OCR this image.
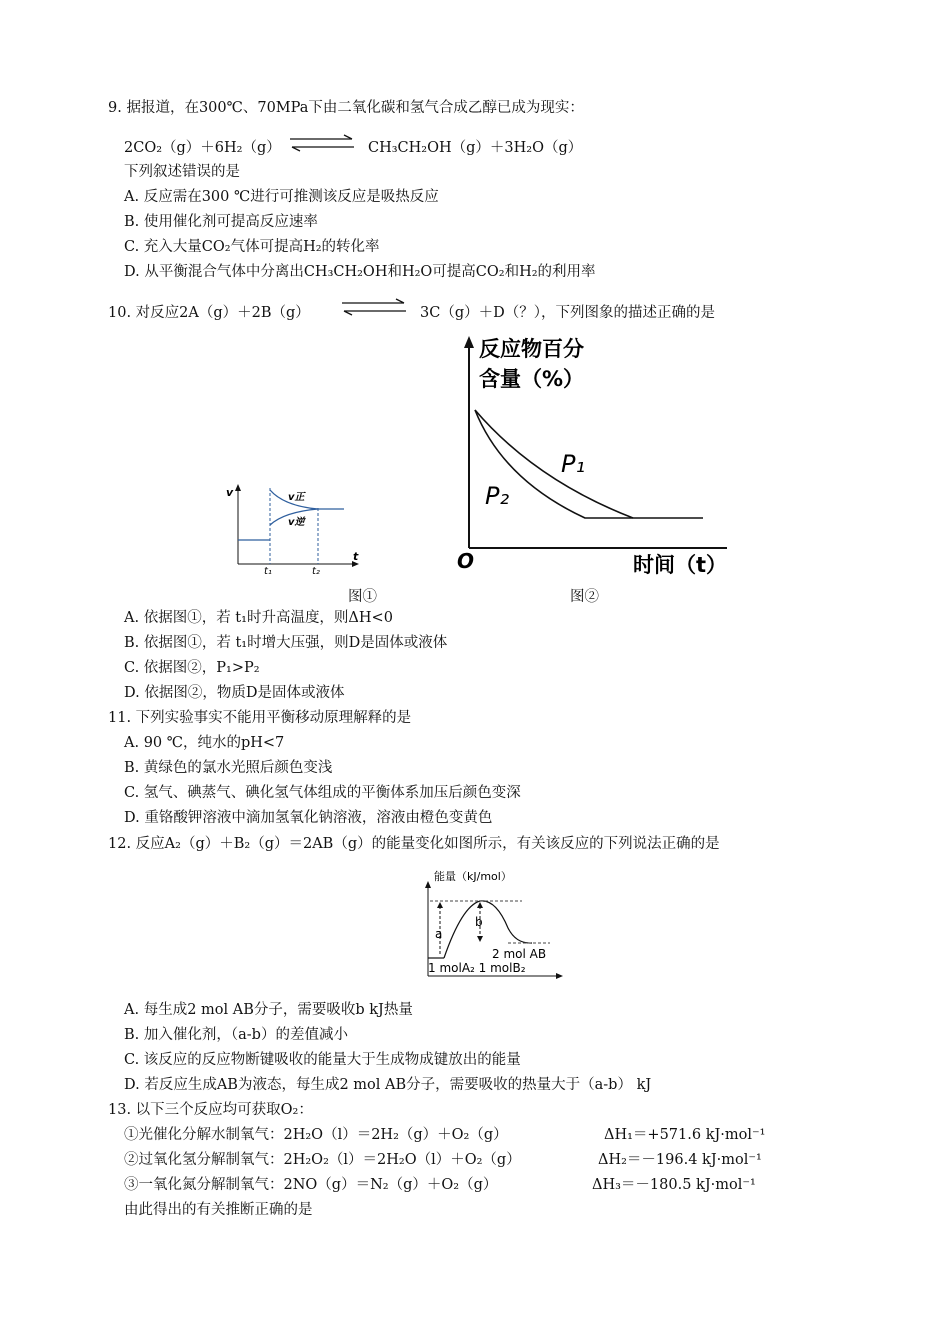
9. 据报道，在300℃、70MPa下由二氧化碳和氢气合成乙醇已成为现实：
2CO₂（g）＋6H₂（g）	CH₃CH₂OH（g）＋3H₂O（g）
下列叙述错误的是
A. 反应需在300 ℃进行可推测该反应是吸热反应
B. 使用催化剂可提高反应速率
C. 充入大量CO₂气体可提高H₂的转化率
D. 从平衡混合气体中分离出CH₃CH₂OH和H₂O可提高CO₂和H₂的利用率
10. 对反应2A（g）＋2B（g）	3C（g）＋D（？），下列图象的描述正确的是
v
t
v正
v逆
t₁	t₂
反应物百分
含量（%）
P₁
P₂
O	时间（t）
图①	图②
A. 依据图①，若 t₁时升高温度，则ΔH<0
B. 依据图①，若 t₁时增大压强，则D是固体或液体
C. 依据图②，P₁>P₂
D. 依据图②，物质D是固体或液体
11. 下列实验事实不能用平衡移动原理解释的是
A. 90 ℃，纯水的pH<7
B. 黄绿色的氯水光照后颜色变浅
C. 氢气、碘蒸气、碘化氢气体组成的平衡体系加压后颜色变深
D. 重铬酸钾溶液中滴加氢氧化钠溶液，溶液由橙色变黄色
12. 反应A₂（g）＋B₂（g）＝2AB（g）的能量变化如图所示，有关该反应的下列说法正确的是
能量（kJ/mol）
a
b
2 mol AB
1 molA₂ 1 molB₂
A. 每生成2 mol AB分子，需要吸收b kJ热量
B. 加入催化剂，（a-b）的差值减小
C. 该反应的反应物断键吸收的能量大于生成物成键放出的能量
D. 若反应生成AB为液态，每生成2 mol AB分子，需要吸收的热量大于（a-b） kJ
13. 以下三个反应均可获取O₂：
①光催化分解水制氧气：2H₂O（l）＝2H₂（g）＋O₂（g）	ΔH₁＝+571.6 kJ·mol⁻¹
②过氧化氢分解制氧气：2H₂O₂（l）＝2H₂O（l）＋O₂（g）	ΔH₂＝－196.4 kJ·mol⁻¹
③一氧化氮分解制氧气：2NO（g）＝N₂（g）＋O₂（g）	ΔH₃＝－180.5 kJ·mol⁻¹
由此得出的有关推断正确的是
